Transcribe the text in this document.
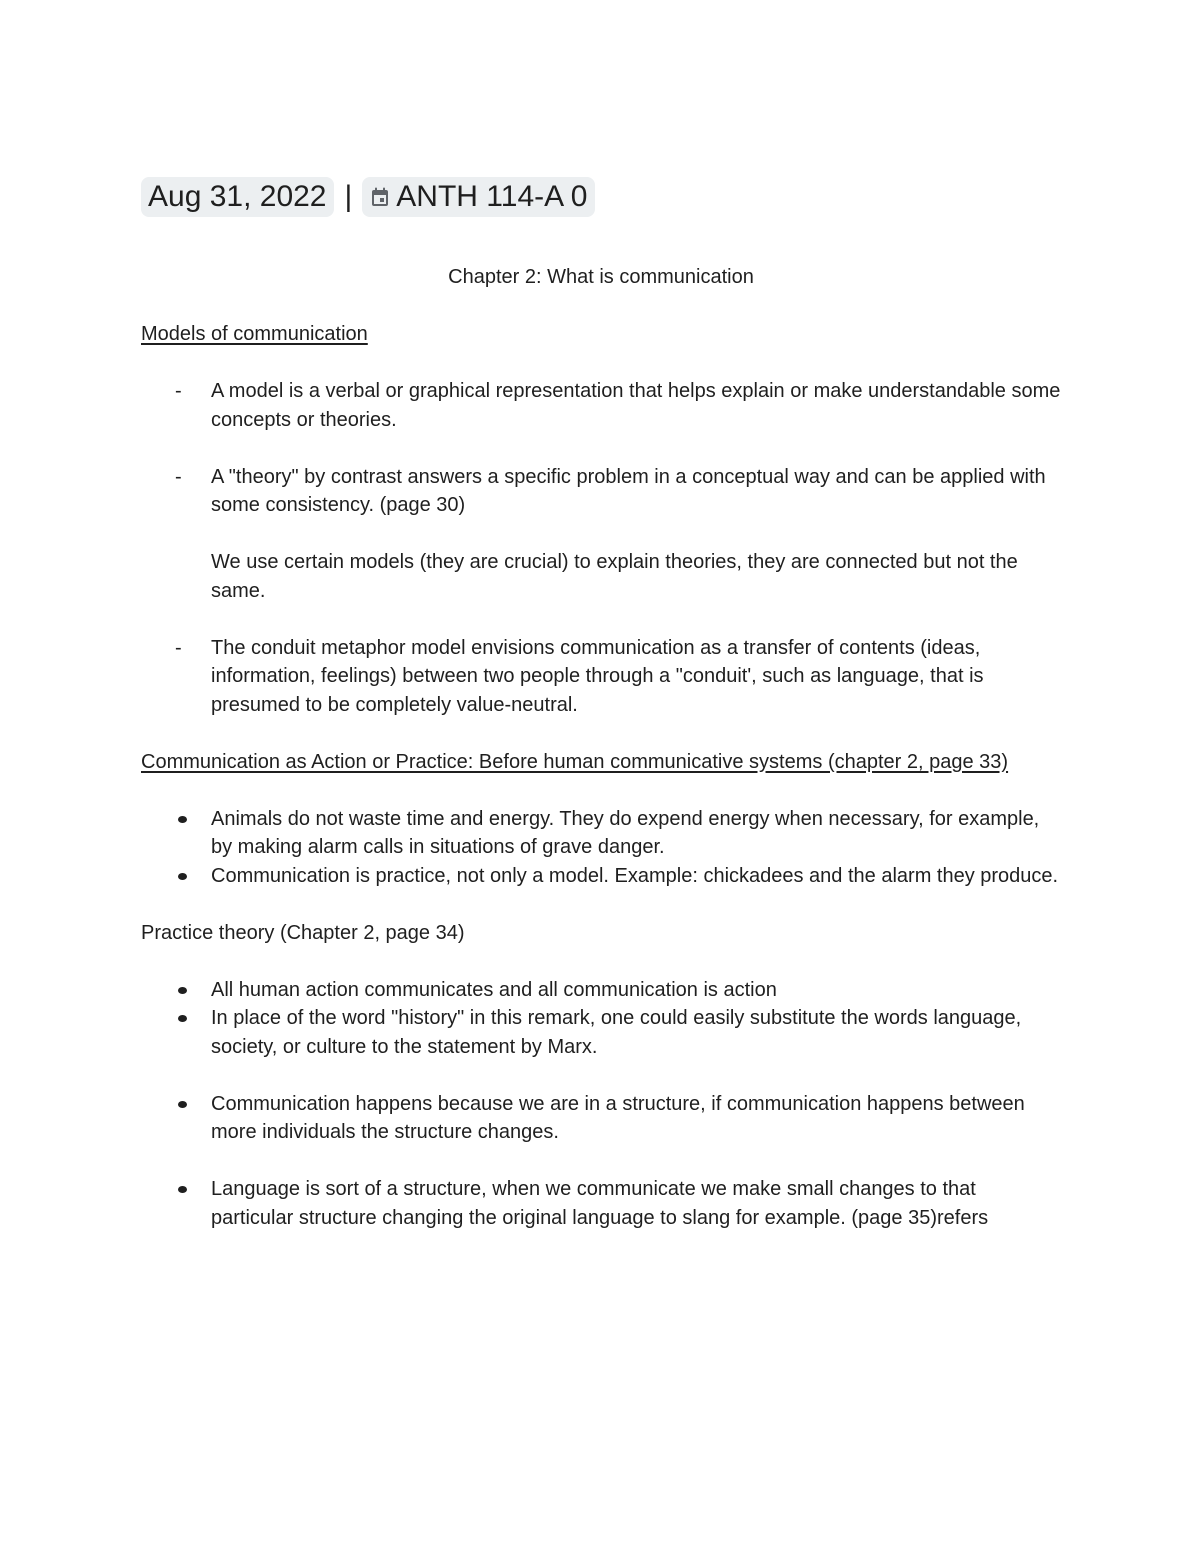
Aug 31, 2022 | ANTH 114-A 0
Chapter 2: What is communication

Models of communication

- A model is a verbal or graphical representation that helps explain or make understandable some concepts or theories.
- A "theory" by contrast answers a specific problem in a conceptual way and can be applied with some consistency. (page 30)
We use certain models (they are crucial) to explain theories, they are connected but not the same.
- The conduit metaphor model envisions communication as a transfer of contents (ideas, information, feelings) between two people through a "conduit', such as language, that is presumed to be completely value-neutral.

Communication as Action or Practice: Before human communicative systems (chapter 2, page 33)

Animals do not waste time and energy. They do expend energy when necessary, for example, by making alarm calls in situations of grave danger.
Communication is practice, not only a model. Example: chickadees and the alarm they produce.

Practice theory (Chapter 2, page 34)

All human action communicates and all communication is action
In place of the word "history" in this remark, one could easily substitute the words language, society, or culture to the statement by Marx.
Communication happens because we are in a structure, if communication happens between more individuals the structure changes.
Language is sort of a structure, when we communicate we make small changes to that particular structure changing the original language to slang for example. (page 35)refers
